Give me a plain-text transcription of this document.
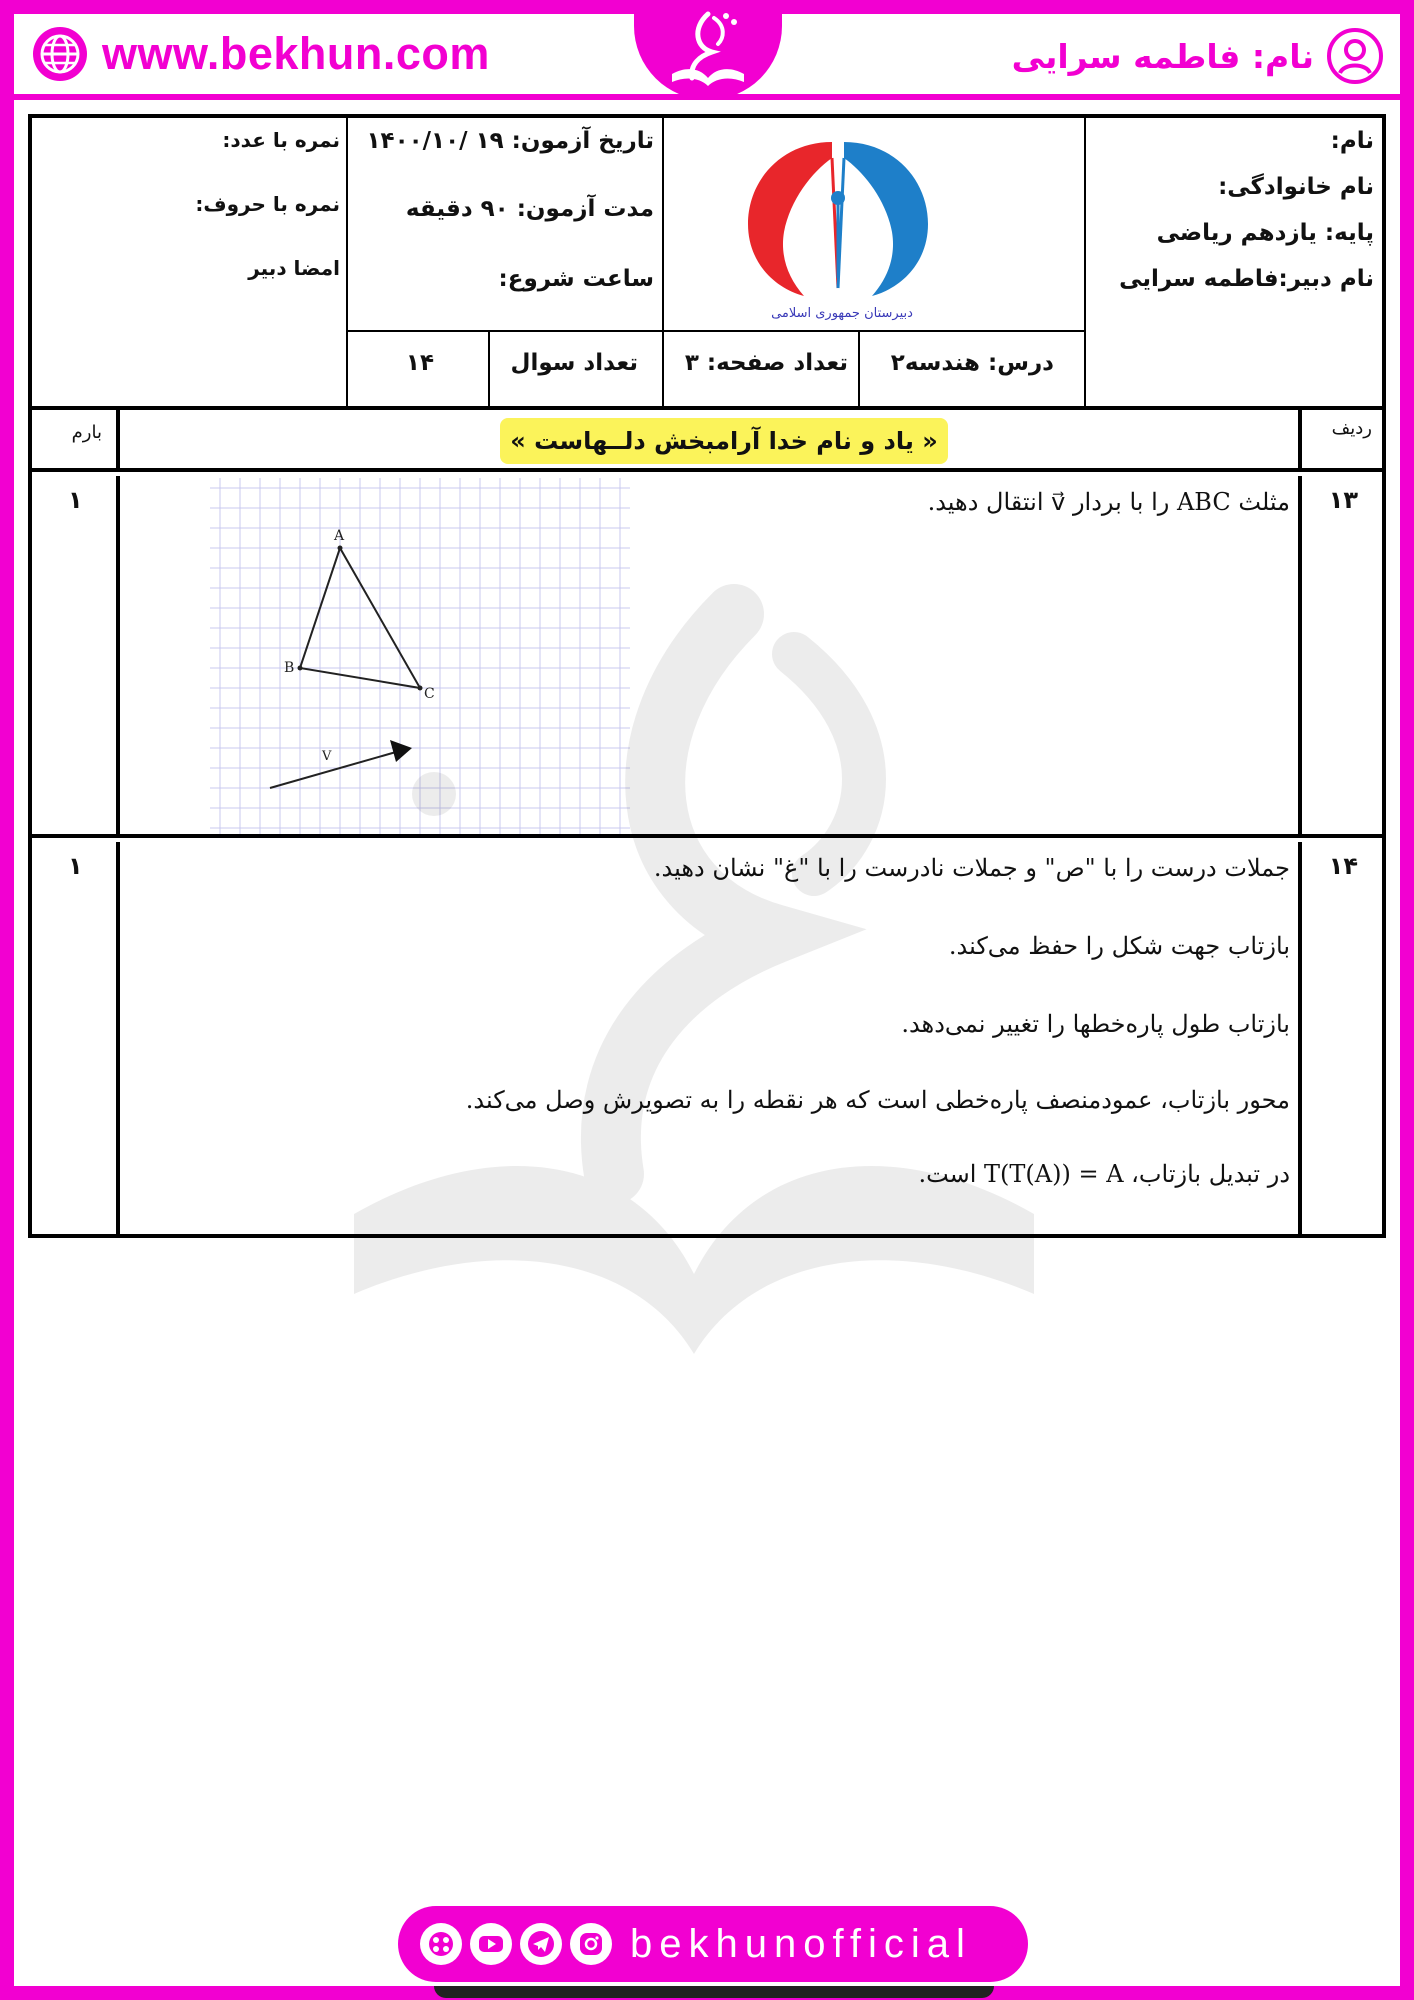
www.bekhun.com	نام: فاطمه سرایی
نام:
نام خانوادگی:
پایه: یازدهم ریاضی
نام دبیر:فاطمه سرایی
دبیرستان جمهوری اسلامی
تاریخ آزمون: ۱۹ /۱۴۰۰/۱۰
مدت آزمون: ۹۰ دقیقه
ساعت شروع:
نمره با عدد:
نمره با حروف:
امضا دبیر
درس: هندسه۲
تعداد صفحه: ۳
تعداد سوال
۱۴
ردیف
بارم	« یاد و نام خدا آرامبخش دلــهاست »
۱۳
۱	مثلث ABC را با بردار v⃗ انتقال دهید.
A
B
C
V
۱۴
۱	جملات درست را با "ص" و جملات نادرست را با "غ" نشان دهید.
بازتاب جهت شکل را حفظ می‌کند.
بازتاب طول پاره‌خطها را تغییر نمی‌دهد.
محور بازتاب، عمودمنصف پاره‌خطی است که هر نقطه را به تصویرش وصل می‌کند.
در تبدیل بازتاب، T(T(A)) = A است.
bekhunofficial
